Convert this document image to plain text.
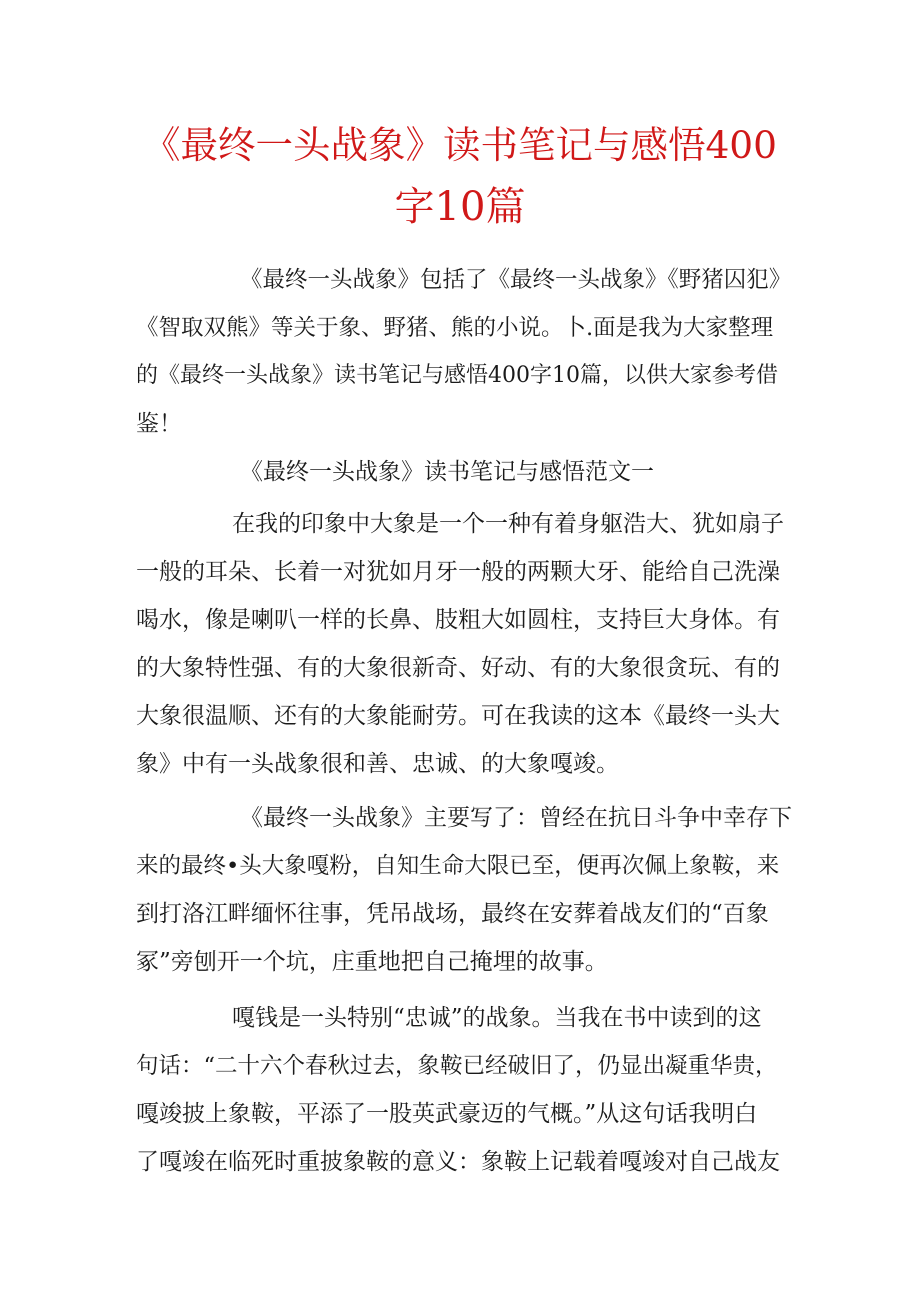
《最终一头战象》读书笔记与感悟400
字10篇

《最终一头战象》包括了《最终一头战象》《野猪囚犯》

《智取双熊》等关于象、野猪、熊的小说。卜.面是我为大家整理

的《最终一头战象》读书笔记与感悟400字10篇，以供大家参考借

鉴！

《最终一头战象》读书笔记与感悟范文一

在我的印象中大象是一个一种有着身躯浩大、犹如扇子

一般的耳朵、长着一对犹如月牙一般的两颗大牙、能给自己洗澡

喝水，像是喇叭一样的长鼻、肢粗大如圆柱，支持巨大身体。有

的大象特性强、有的大象很新奇、好动、有的大象很贪玩、有的

大象很温顺、还有的大象能耐劳。可在我读的这本《最终一头大

象》中有一头战象很和善、忠诚、的大象嘎竣。

《最终一头战象》主要写了：曾经在抗日斗争中幸存下

来的最终•头大象嘎粉，自知生命大限已至，便再次佩上象鞍，来

到打洛江畔缅怀往事，凭吊战场，最终在安葬着战友们的“百象

冢”旁刨开一个坑，庄重地把自己掩埋的故事。

嘎钱是一头特别“忠诚”的战象。当我在书中读到的这

句话：“二十六个春秋过去，象鞍已经破旧了，仍显出凝重华贵，

嘎竣披上象鞍，平添了一股英武豪迈的气概。”从这句话我明白

了嘎竣在临死时重披象鞍的意义：象鞍上记载着嘎竣对自己战友
